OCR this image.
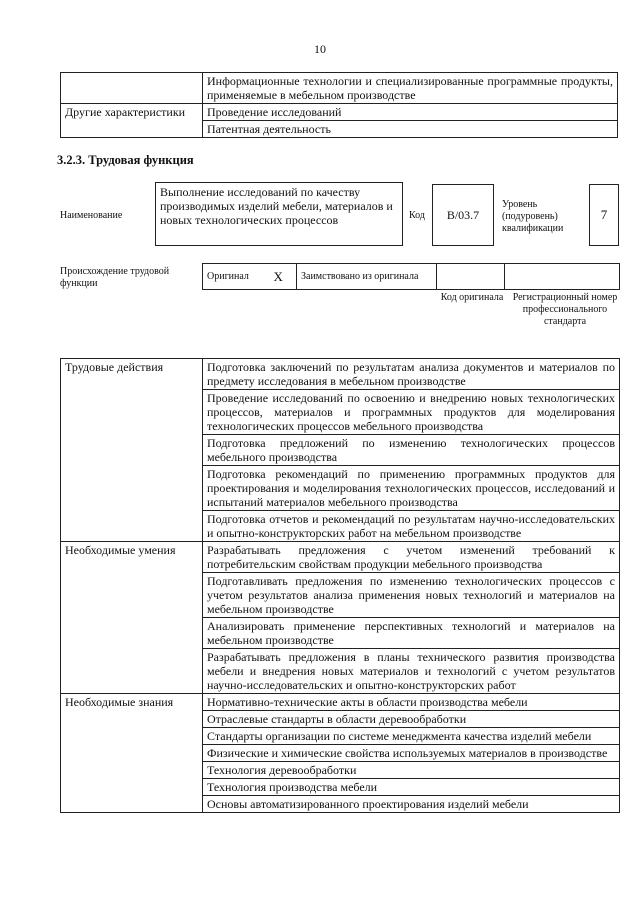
10
	Информационные технологии и специализированные программные продукты, применяемые в мебельном производстве
Другие характеристики	Проведение исследований
	Патентная деятельность
3.2.3. Трудовая функция
Наименование
Выполнение исследований по качеству производимых изделий мебели, материалов и новых технологических процессов	Код B/03.7
Уровень (подуровень) квалификации
7
Происхождение трудовой функции
Оригинал	X	Заимствовано из оригинала		
Код оригинала Регистрационный номер профессионального стандарта
Трудовые действия	Подготовка заключений по результатам анализа документов и материалов по предмету исследования в мебельном производстве
	Проведение исследований по освоению и внедрению новых технологических процессов, материалов и программных продуктов для моделирования технологических процессов мебельного производства
	Подготовка предложений по изменению технологических процессов мебельного производства
	Подготовка рекомендаций по применению программных продуктов для проектирования и моделирования технологических процессов, исследований и испытаний материалов мебельного производства
	Подготовка отчетов и рекомендаций по результатам научно-исследовательских и опытно-конструкторских работ на мебельном производстве
Необходимые умения	Разрабатывать предложения с учетом изменений требований к потребительским свойствам продукции мебельного производства
	Подготавливать предложения по изменению технологических процессов с учетом результатов анализа применения новых технологий и материалов на мебельном производстве
	Анализировать применение перспективных технологий и материалов на мебельном производстве
	Разрабатывать предложения в планы технического развития производства мебели и внедрения новых материалов и технологий с учетом результатов научно-исследовательских и опытно-конструкторских работ
Необходимые знания	Нормативно-технические акты в области производства мебели
	Отраслевые стандарты в области деревообработки
	Стандарты организации по системе менеджмента качества изделий мебели
	Физические и химические свойства используемых материалов в производстве
	Технология деревообработки
	Технология производства мебели
	Основы автоматизированного проектирования изделий мебели
